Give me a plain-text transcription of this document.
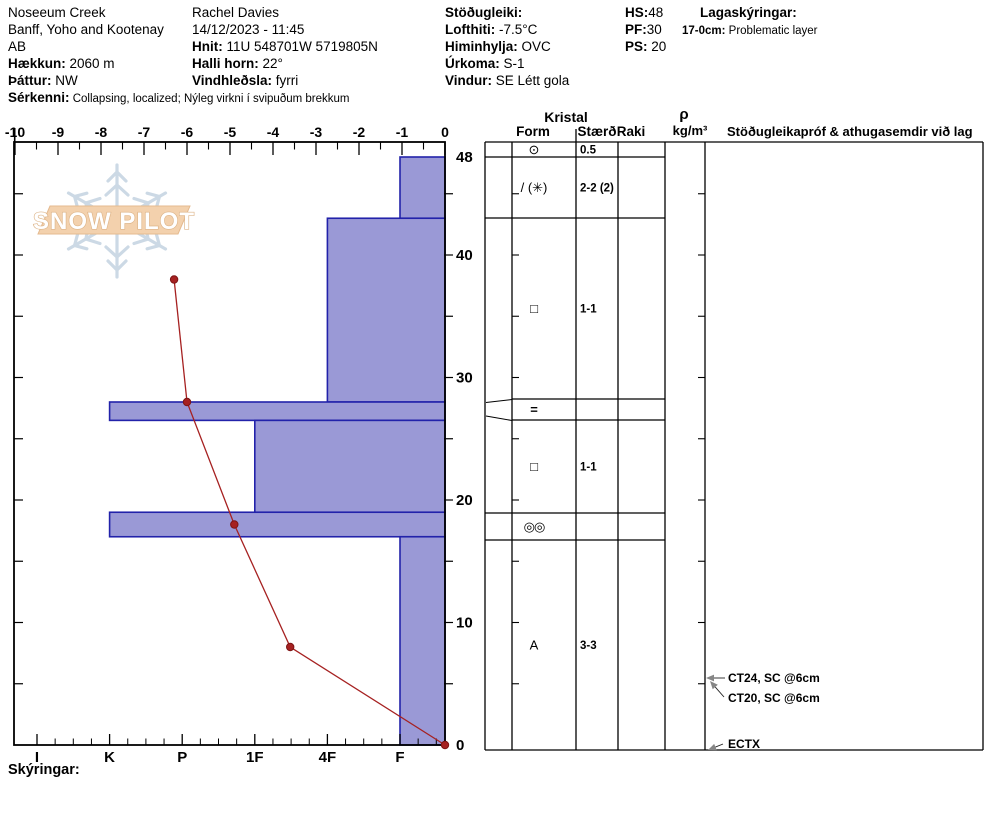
SNOW PILOT
-10 -9 -8 -7 -6 -5 -4 -3 -2 -1 0
I	K	P	1F	4F	F
48
40
30
20
10
0
⊙	0.5
/ (✳)	2-2 (2)
□	1-1
=
□	1-1
◎◎
A	3-3
CT24, SC @6cm
CT20, SC @6cm
ECTX
Kristal
Form Stærð Raki
ρ
kg/m³ Stöðugleikapróf & athugasemdir við lag
Noseeum Creek
Banff, Yoho and Kootenay
AB
Hækkun: 2060 m
Þáttur: NW
Sérkenni: Collapsing, localized; Nýleg virkni í svipuðum brekkum
Rachel Davies
14/12/2023 - 11:45
Hnit: 11U 548701W 5719805N
Halli horn: 22°
Vindhleðsla: fyrri
Stöðugleiki:
Lofthiti: -7.5°C
Himinhylja: OVC
Úrkoma: S-1
Vindur: SE Létt gola
HS:48
PF:30
PS: 20
Lagaskýringar:
17-0cm: Problematic layer
Skýringar:
